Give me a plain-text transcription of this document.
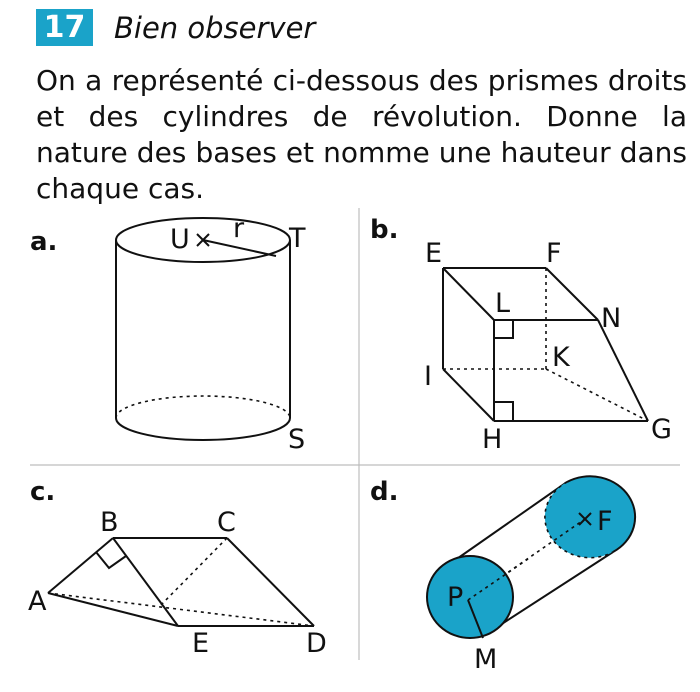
17 Bien observer
On a représenté ci-dessous des prismes droits et des cylindres de révolution. Donne la nature des bases et nomme une hauteur dans chaque cas.
a.	U r T
S
b.
E	F
L	N
K
I
H	G
c.
B	C
A
E	D
d.
P
F
M
